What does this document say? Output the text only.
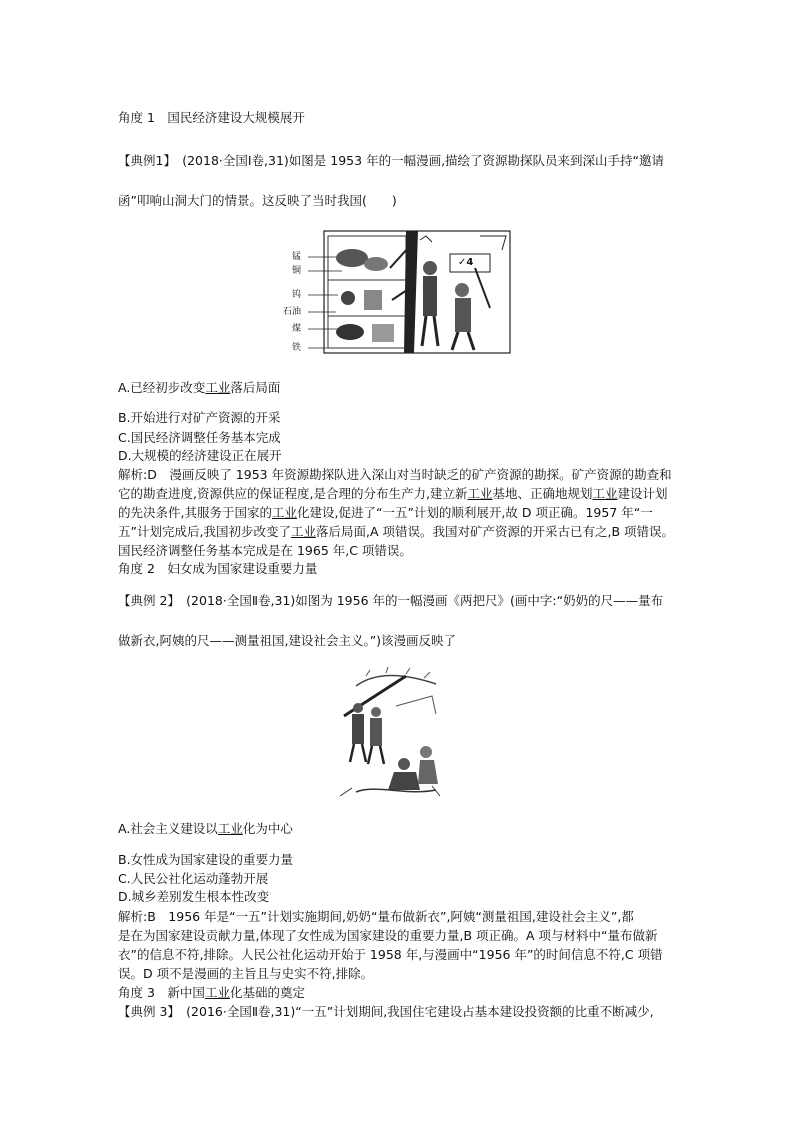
角度 1　国民经济建设大规模展开
【典例1】　(2018·全国Ⅰ卷,31)如图是 1953 年的一幅漫画,描绘了资源勘探队员来到深山手持“邀请
函”叩响山洞大门的情景。这反映了当时我国(　　)
锰
铜
钨
石油
煤
铁
✓4
A.已经初步改变工业落后局面
B.开始进行对矿产资源的开采
C.国民经济调整任务基本完成
D.大规模的经济建设正在展开
解析:D　漫画反映了 1953 年资源勘探队进入深山对当时缺乏的矿产资源的勘探。矿产资源的勘查和
它的勘查进度,资源供应的保证程度,是合理的分布生产力,建立新工业基地、正确地规划工业建设计划
的先决条件,其服务于国家的工业化建设,促进了“一五”计划的顺利展开,故 D 项正确。1957 年“一
五”计划完成后,我国初步改变了工业落后局面,A 项错误。我国对矿产资源的开采古已有之,B 项错误。
国民经济调整任务基本完成是在 1965 年,C 项错误。
角度 2　妇女成为国家建设重要力量
【典例 2】　(2018·全国Ⅱ卷,31)如图为 1956 年的一幅漫画《两把尺》(画中字:“奶奶的尺——量布
做新衣,阿姨的尺——测量祖国,建设社会主义。”)该漫画反映了
A.社会主义建设以工业化为中心
B.女性成为国家建设的重要力量
C.人民公社化运动蓬勃开展
D.城乡差别发生根本性改变
解析:B　1956 年是“一五”计划实施期间,奶奶“量布做新衣”,阿姨“测量祖国,建设社会主义”,都
是在为国家建设贡献力量,体现了女性成为国家建设的重要力量,B 项正确。A 项与材料中“量布做新
衣”的信息不符,排除。人民公社化运动开始于 1958 年,与漫画中“1956 年”的时间信息不符,C 项错
误。D 项不是漫画的主旨且与史实不符,排除。
角度 3　新中国工业化基础的奠定
【典例 3】　(2016·全国Ⅱ卷,31)“一五”计划期间,我国住宅建设占基本建设投资额的比重不断减少,
